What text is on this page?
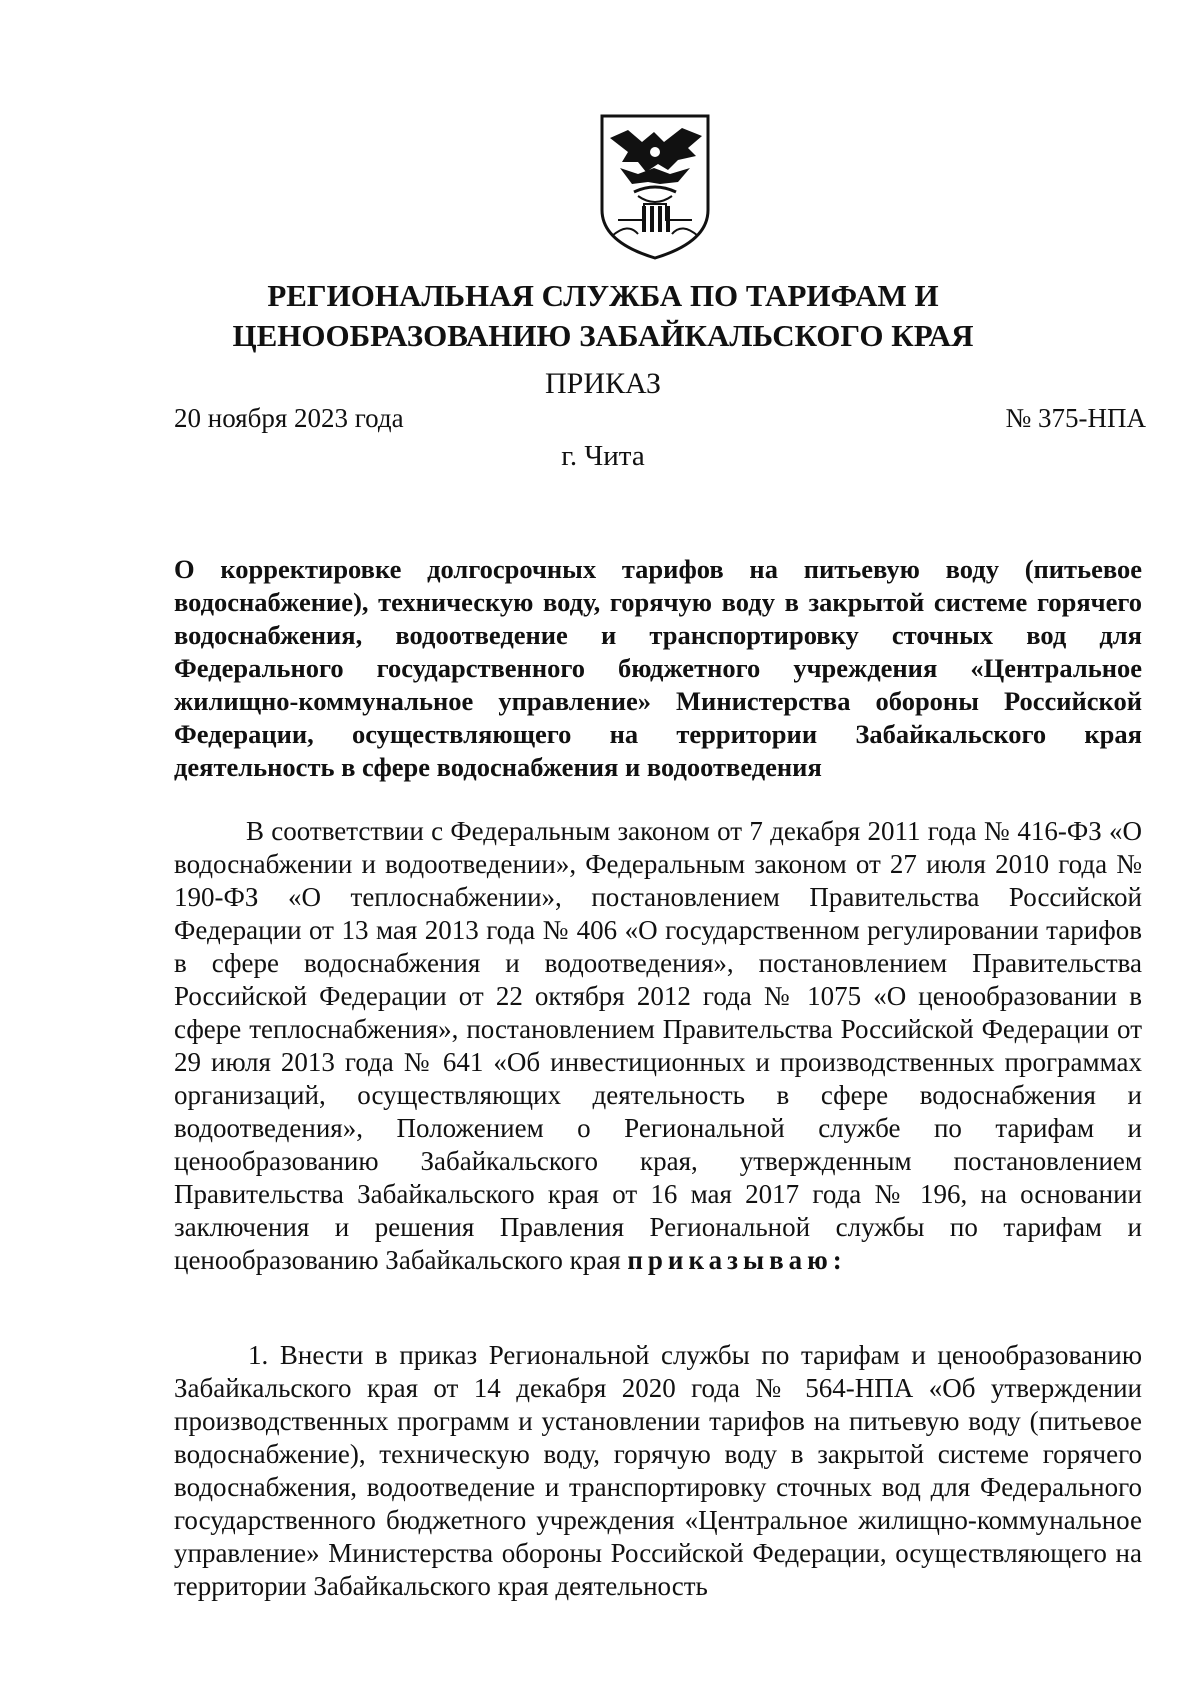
РЕГИОНАЛЬНАЯ СЛУЖБА ПО ТАРИФАМ И
ЦЕНООБРАЗОВАНИЮ ЗАБАЙКАЛЬСКОГО КРАЯ
ПРИКАЗ
20 ноября 2023 года	№ 375-НПА
г. Чита
О корректировке долгосрочных тарифов на питьевую воду (питьевое водоснабжение), техническую воду, горячую воду в закрытой системе горячего водоснабжения, водоотведение и транспортировку сточных вод для Федерального государственного бюджетного учреждения «Центральное жилищно-коммунальное управление» Министерства обороны Российской Федерации, осуществляющего на территории Забайкальского края деятельность в сфере водоснабжения и водоотведения
В соответствии с Федеральным законом от 7 декабря 2011 года № 416-ФЗ «О водоснабжении и водоотведении», Федеральным законом от 27 июля 2010 года № 190-ФЗ «О теплоснабжении», постановлением Правительства Российской Федерации от 13 мая 2013 года № 406 «О государственном регулировании тарифов в сфере водоснабжения и водоотведения», постановлением Правительства Российской Федерации от 22 октября 2012 года № 1075 «О ценообразовании в сфере теплоснабжения», постановлением Правительства Российской Федерации от 29 июля 2013 года № 641 «Об инвестиционных и производственных программах организаций, осуществляющих деятельность в сфере водоснабжения и водоотведения», Положением о Региональной службе по тарифам и ценообразованию Забайкальского края, утвержденным постановлением Правительства Забайкальского края от 16 мая 2017 года № 196, на основании заключения и решения Правления Региональной службы по тарифам и ценообразованию Забайкальского края приказываю:
1. Внести в приказ Региональной службы по тарифам и ценообразованию Забайкальского края от 14 декабря 2020 года № 564-НПА «Об утверждении производственных программ и установлении тарифов на питьевую воду (питьевое водоснабжение), техническую воду, горячую воду в закрытой системе горячего водоснабжения, водоотведение и транспортировку сточных вод для Федерального государственного бюджетного учреждения «Центральное жилищно-коммунальное управление» Министерства обороны Российской Федерации, осуществляющего на территории Забайкальского края деятельность
